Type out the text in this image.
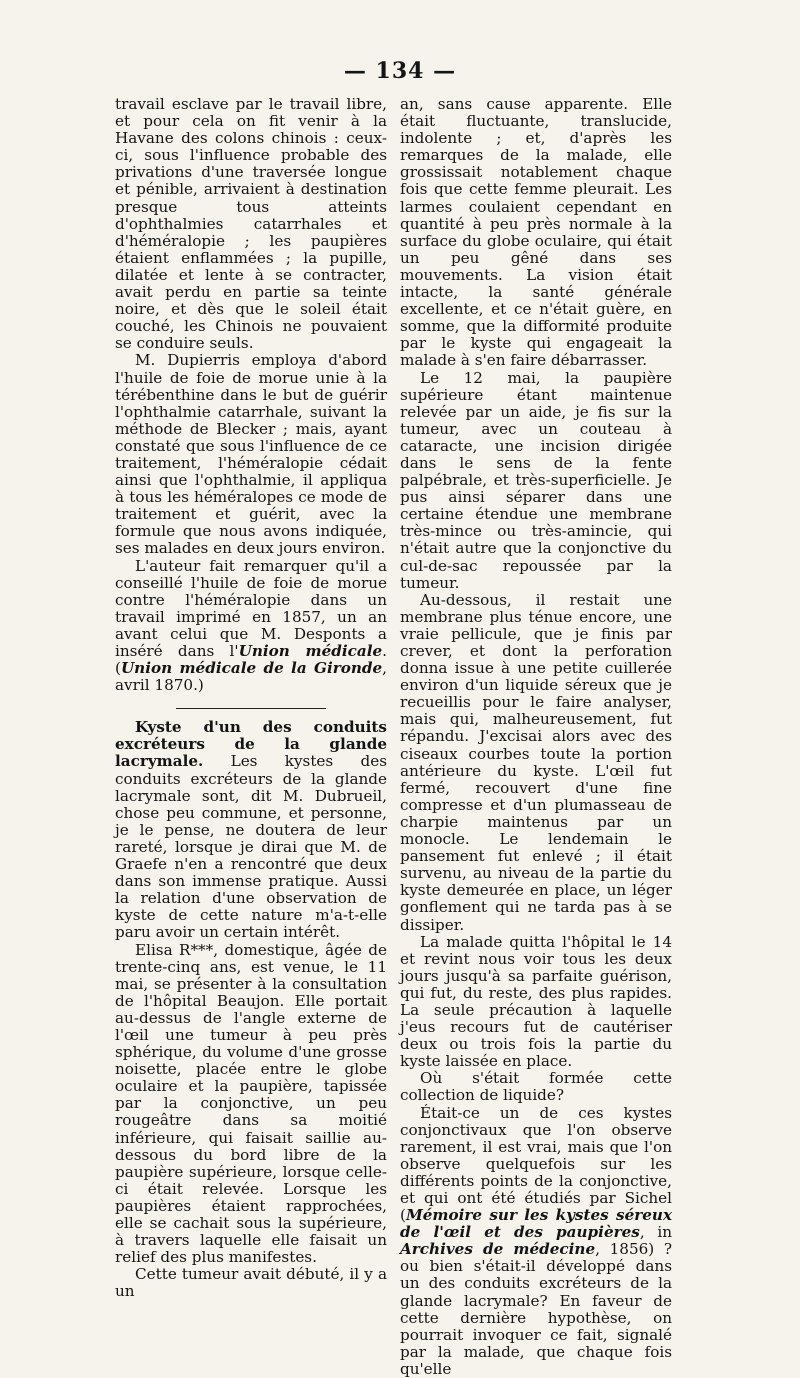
— 134 —

travail esclave par le travail libre, et pour cela on fit venir à la Havane des colons chinois : ceux-ci, sous l'influence probable des privations d'une traversée longue et pénible, arrivaient à destination presque tous atteints d'ophthalmies catarrhales et d'héméralopie ; les paupières étaient enflammées ; la pupille, dilatée et lente à se contracter, avait perdu en partie sa teinte noire, et dès que le soleil était couché, les Chinois ne pouvaient se conduire seuls.

M. Dupierris employa d'abord l'huile de foie de morue unie à la térébenthine dans le but de guérir l'ophthalmie catarrhale, suivant la méthode de Blecker ; mais, ayant constaté que sous l'influence de ce traitement, l'héméralopie cédait ainsi que l'ophthalmie, il appliqua à tous les héméralopes ce mode de traitement et guérit, avec la formule que nous avons indiquée, ses malades en deux jours environ.

L'auteur fait remarquer qu'il a conseillé l'huile de foie de morue contre l'héméralopie dans un travail imprimé en 1857, un an avant celui que M. Desponts a inséré dans l'Union médicale. (Union médicale de la Gironde, avril 1870.)

Kyste d'un des conduits excréteurs de la glande lacrymale. Les kystes des conduits excréteurs de la glande lacrymale sont, dit M. Dubrueil, chose peu commune, et personne, je le pense, ne doutera de leur rareté, lorsque je dirai que M. de Graefe n'en a rencontré que deux dans son immense pratique. Aussi la relation d'une observation de kyste de cette nature m'a-t-elle paru avoir un certain intérêt.

Elisa R***, domestique, âgée de trente-cinq ans, est venue, le 11 mai, se présenter à la consultation de l'hôpital Beaujon. Elle portait au-dessus de l'angle externe de l'œil une tumeur à peu près sphérique, du volume d'une grosse noisette, placée entre le globe oculaire et la paupière, tapissée par la conjonctive, un peu rougeâtre dans sa moitié inférieure, qui faisait saillie au-dessous du bord libre de la paupière supérieure, lorsque celle-ci était relevée. Lorsque les paupières étaient rapprochées, elle se cachait sous la supérieure, à travers laquelle elle faisait un relief des plus manifestes.

Cette tumeur avait débuté, il y a un

an, sans cause apparente. Elle était fluctuante, translucide, indolente ; et, d'après les remarques de la malade, elle grossissait notablement chaque fois que cette femme pleurait. Les larmes coulaient cependant en quantité à peu près normale à la surface du globe oculaire, qui était un peu gêné dans ses mouvements. La vision était intacte, la santé générale excellente, et ce n'était guère, en somme, que la difformité produite par le kyste qui engageait la malade à s'en faire débarrasser.

Le 12 mai, la paupière supérieure étant maintenue relevée par un aide, je fis sur la tumeur, avec un couteau à cataracte, une incision dirigée dans le sens de la fente palpébrale, et très-superficielle. Je pus ainsi séparer dans une certaine étendue une membrane très-mince ou très-amincie, qui n'était autre que la conjonctive du cul-de-sac repoussée par la tumeur.

Au-dessous, il restait une membrane plus ténue encore, une vraie pellicule, que je finis par crever, et dont la perforation donna issue à une petite cuillerée environ d'un liquide séreux que je recueillis pour le faire analyser, mais qui, malheureusement, fut répandu. J'excisai alors avec des ciseaux courbes toute la portion antérieure du kyste. L'œil fut fermé, recouvert d'une fine compresse et d'un plumasseau de charpie maintenus par un monocle. Le lendemain le pansement fut enlevé ; il était survenu, au niveau de la partie du kyste demeurée en place, un léger gonflement qui ne tarda pas à se dissiper.

La malade quitta l'hôpital le 14 et revint nous voir tous les deux jours jusqu'à sa parfaite guérison, qui fut, du reste, des plus rapides. La seule précaution à laquelle j'eus recours fut de cautériser deux ou trois fois la partie du kyste laissée en place.

Où s'était formée cette collection de liquide?

Était-ce un de ces kystes conjonctivaux que l'on observe rarement, il est vrai, mais que l'on observe quelquefois sur les différents points de la conjonctive, et qui ont été étudiés par Sichel (Mémoire sur les kystes séreux de l'œil et des paupières, in Archives de médecine, 1856) ? ou bien s'était-il développé dans un des conduits excréteurs de la glande lacrymale? En faveur de cette dernière hypothèse, on pourrait invoquer ce fait, signalé par la malade, que chaque fois qu'elle
